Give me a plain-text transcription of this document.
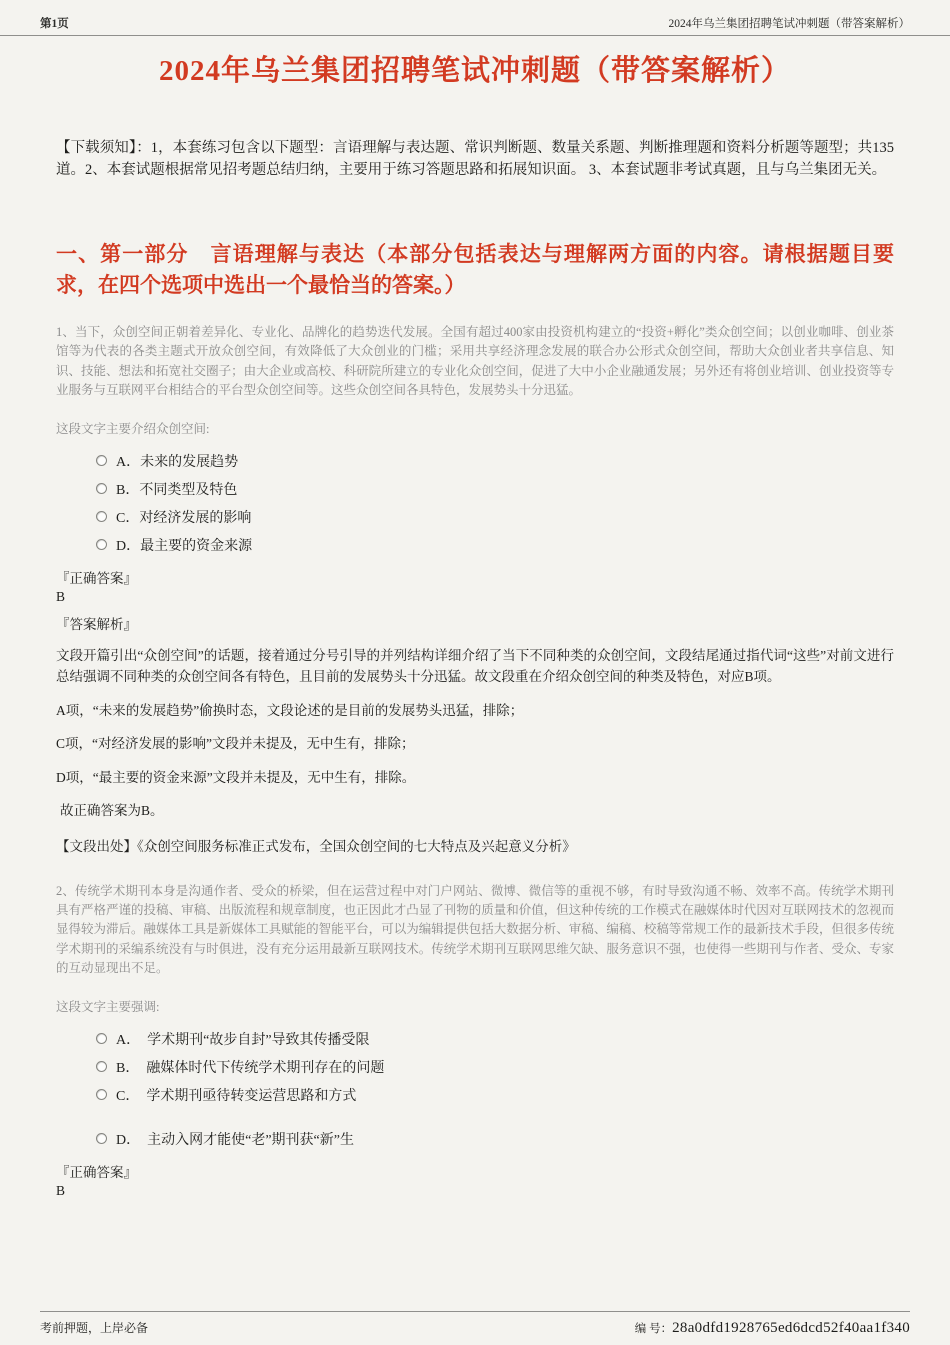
第1页	2024年乌兰集团招聘笔试冲刺题（带答案解析）
2024年乌兰集团招聘笔试冲刺题（带答案解析）

【下载须知】：1，本套练习包含以下题型：言语理解与表达题、常识判断题、数量关系题、判断推理题和资料分析题等题型；共135道。2、本套试题根据常见招考题总结归纳，主要用于练习答题思路和拓展知识面。 3、本套试题非考试真题，且与乌兰集团无关。

一、第一部分　言语理解与表达（本部分包括表达与理解两方面的内容。请根据题目要求，在四个选项中选出一个最恰当的答案。）

1、当下，众创空间正朝着差异化、专业化、品牌化的趋势迭代发展。全国有超过400家由投资机构建立的“投资+孵化”类众创空间；以创业咖啡、创业茶馆等为代表的各类主题式开放众创空间，有效降低了大众创业的门槛；采用共享经济理念发展的联合办公形式众创空间，帮助大众创业者共享信息、知识、技能、想法和拓宽社交圈子；由大企业或高校、科研院所建立的专业化众创空间，促进了大中小企业融通发展；另外还有将创业培训、创业投资等专业服务与互联网平台相结合的平台型众创空间等。这些众创空间各具特色，发展势头十分迅猛。

这段文字主要介绍众创空间:

A．未来的发展趋势
B．不同类型及特色
C．对经济发展的影响
D．最主要的资金来源

『正确答案』

B

『答案解析』

文段开篇引出“众创空间”的话题，接着通过分号引导的并列结构详细介绍了当下不同种类的众创空间，文段结尾通过指代词“这些”对前文进行总结强调不同种类的众创空间各有特色，且目前的发展势头十分迅猛。故文段重在介绍众创空间的种类及特色，对应B项。

A项，“未来的发展趋势”偷换时态，文段论述的是目前的发展势头迅猛，排除；

C项，“对经济发展的影响”文段并未提及，无中生有，排除；

D项，“最主要的资金来源”文段并未提及，无中生有，排除。

故正确答案为B。

【文段出处】《众创空间服务标准正式发布，全国众创空间的七大特点及兴起意义分析》

2、传统学术期刊本身是沟通作者、受众的桥梁，但在运营过程中对门户网站、微博、微信等的重视不够，有时导致沟通不畅、效率不高。传统学术期刊具有严格严谨的投稿、审稿、出版流程和规章制度，也正因此才凸显了刊物的质量和价值，但这种传统的工作模式在融媒体时代因对互联网技术的忽视而显得较为滞后。融媒体工具是新媒体工具赋能的智能平台，可以为编辑提供包括大数据分析、审稿、编稿、校稿等常规工作的最新技术手段，但很多传统学术期刊的采编系统没有与时俱进，没有充分运用最新互联网技术。传统学术期刊互联网思维欠缺、服务意识不强，也使得一些期刊与作者、受众、专家的互动显现出不足。

这段文字主要强调:

A．　学术期刊“故步自封”导致其传播受限
B．　融媒体时代下传统学术期刊存在的问题
C．　学术期刊亟待转变运营思路和方式
D．　主动入网才能使“老”期刊获“新”生

『正确答案』

B

考前押题，上岸必备	编 号：28a0dfd1928765ed6dcd52f40aa1f340
